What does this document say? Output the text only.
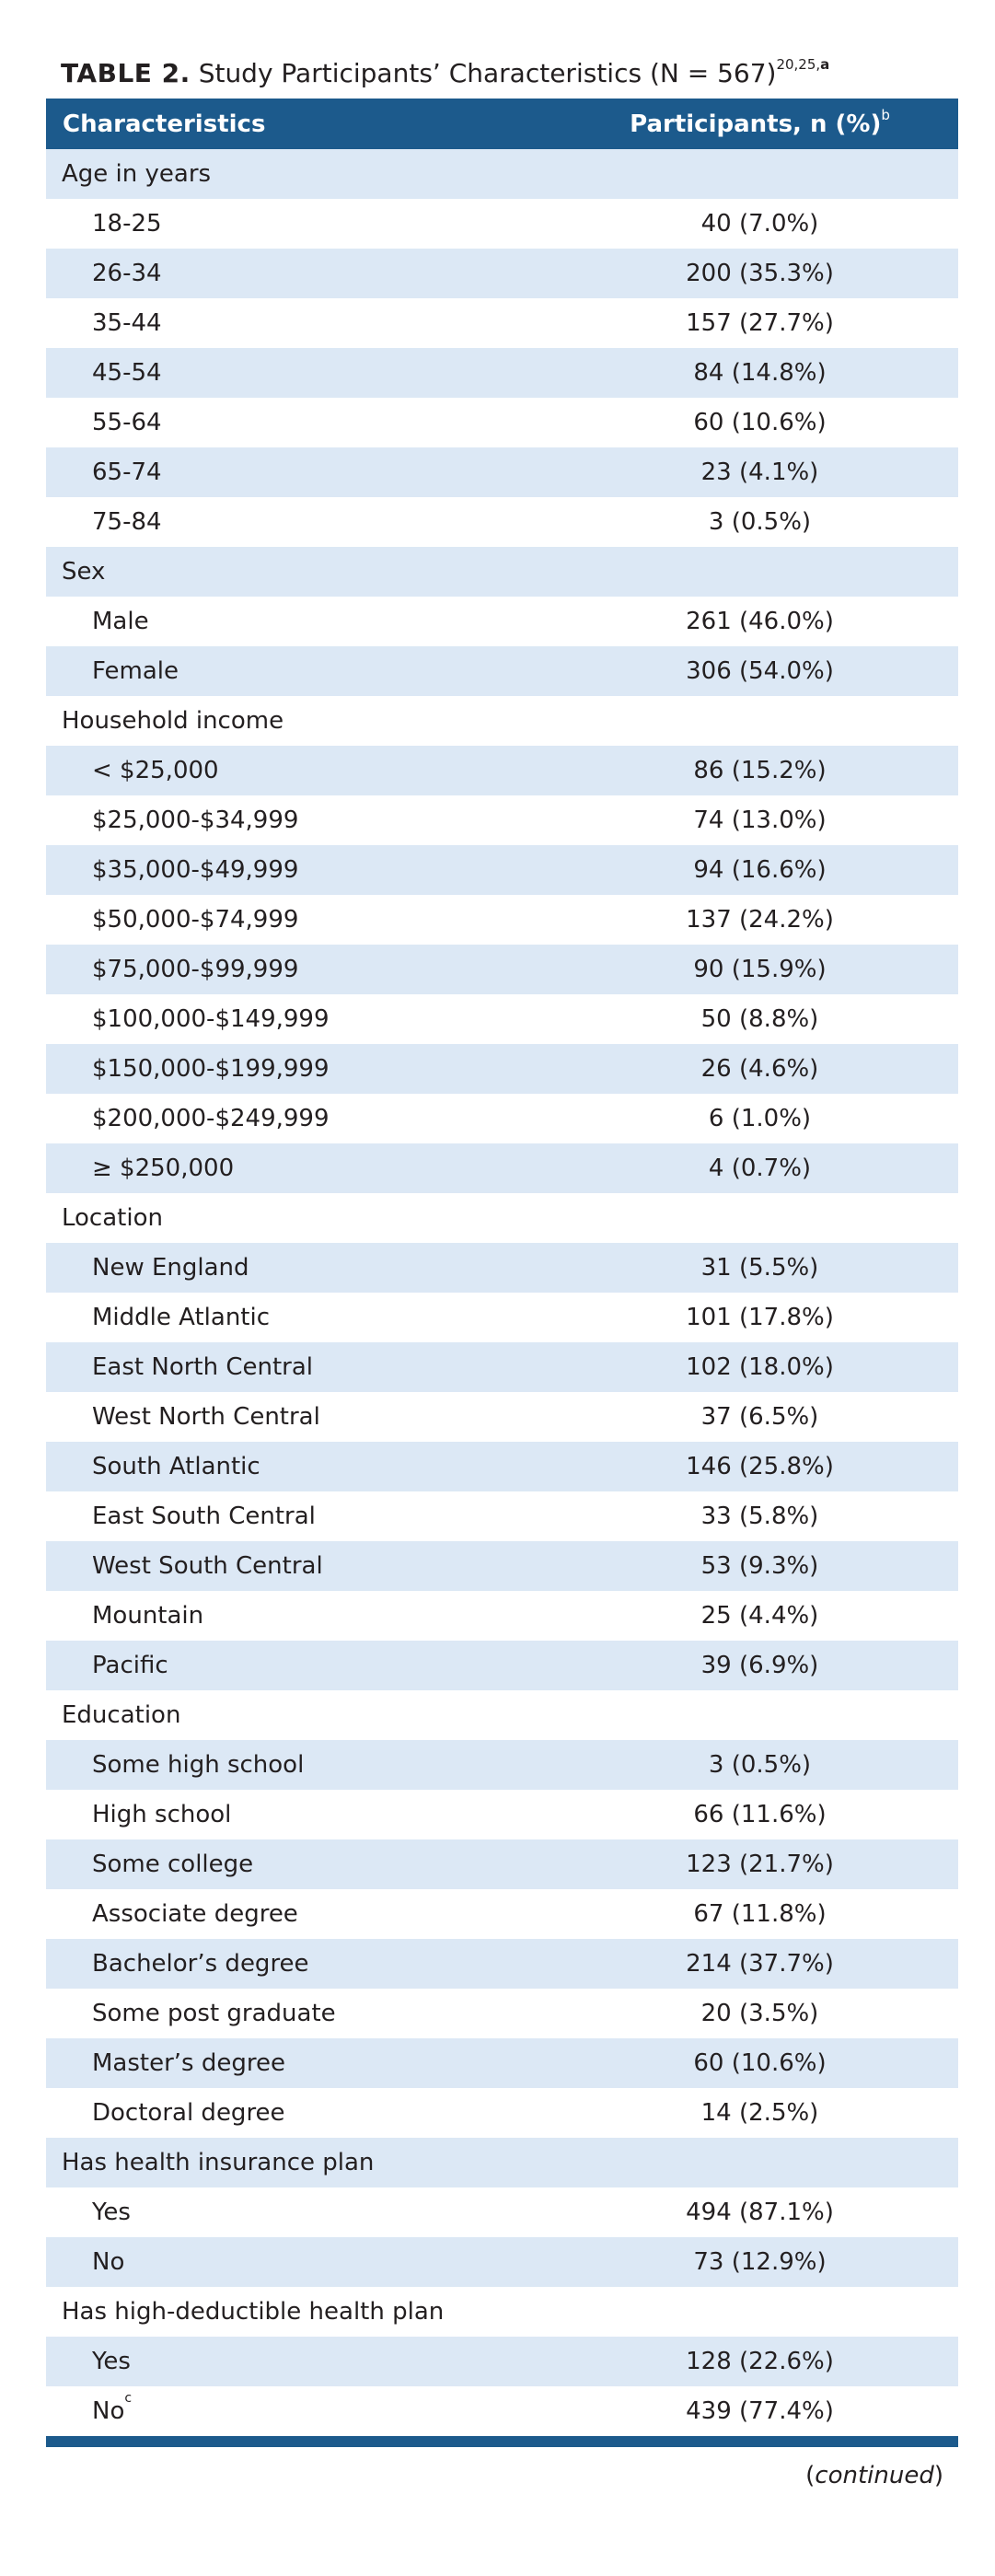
TABLE 2. Study Participants’ Characteristics (N = 567)$^{20,25,a}$
Characteristics	Participants, n (%)$^b$
Age in years
18-25	40 (7.0%)
26-34	200 (35.3%)
35-44	157 (27.7%)
45-54	84 (14.8%)
55-64	60 (10.6%)
65-74	23 (4.1%)
75-84	3 (0.5%)
Sex
Male	261 (46.0%)
Female	306 (54.0%)
Household income
< $25,000	86 (15.2%)
$25,000-$34,999	74 (13.0%)
$35,000-$49,999	94 (16.6%)
$50,000-$74,999	137 (24.2%)
$75,000-$99,999	90 (15.9%)
$100,000-$149,999	50 (8.8%)
$150,000-$199,999	26 (4.6%)
$200,000-$249,999	6 (1.0%)
≥ $250,000	4 (0.7%)
Location
New England	31 (5.5%)
Middle Atlantic	101 (17.8%)
East North Central	102 (18.0%)
West North Central	37 (6.5%)
South Atlantic	146 (25.8%)
East South Central	33 (5.8%)
West South Central	53 (9.3%)
Mountain	25 (4.4%)
Pacific	39 (6.9%)
Education
Some high school	3 (0.5%)
High school	66 (11.6%)
Some college	123 (21.7%)
Associate degree	67 (11.8%)
Bachelor’s degree	214 (37.7%)
Some post graduate	20 (3.5%)
Master’s degree	60 (10.6%)
Doctoral degree	14 (2.5%)
Has health insurance plan
Yes	494 (87.1%)
No	73 (12.9%)
Has high-deductible health plan
Yes	128 (22.6%)
No$^c$	439 (77.4%)
(continued)
